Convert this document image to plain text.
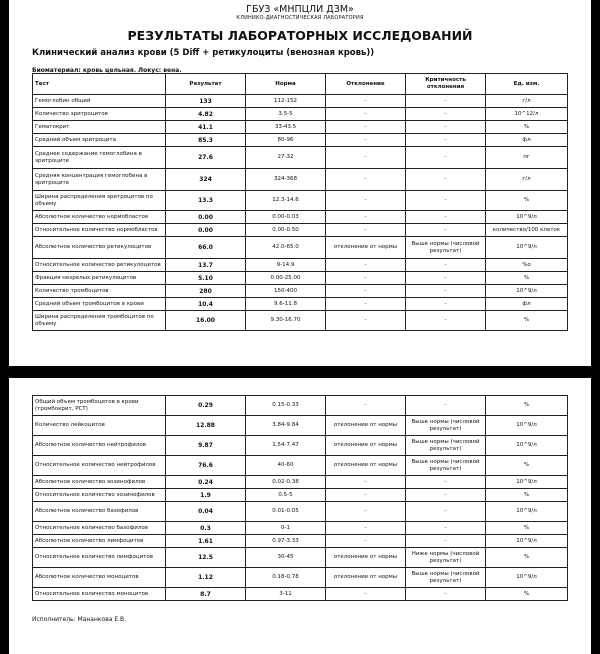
ГБУЗ «МНПЦЛИ ДЗМ»
КЛИНИКО-ДИАГНОСТИЧЕСКАЯ ЛАБОРАТОРИЯ
РЕЗУЛЬТАТЫ ЛАБОРАТОРНЫХ ИССЛЕДОВАНИЙ
Клинический анализ крови (5 Diff + ретикулоциты (венозная кровь))
Биоматериал: кровь цельная. Локус: вена.
Тест	Результат	Норма	Отклонение	Критичность отклонения	Ед. изм.
Гемоглобин общий	133	112-152	-	-	г/л
Количество эритроцитов	4.82	3.5-5	-	-	10^12/л
Гематокрит	41.1	33-43.5	-	-	%
Средний объем эритроцита	85.3	80-96	-	-	фл
Среднее содержание гемоглобина в эритроците	27.6	27-32	-	-	пг
Средняя концентрация гемоглобина в эритроците	324	324-368	-	-	г/л
Ширина распределения эритроцитов по объему	13.3	12.3-14.6	-	-	%
Абсолютное количество нормобластов	0.00	0.00-0.03	-	-	10^9/л
Относительное количество нормобластов	0.00	0.00-0.50	-	-	количество/100 клеток
Абсолютное количество ретикулоцитов	66.0	42.0-65.0	отклонение от нормы	Выше нормы (числовой результат)	10^9/л
Относительное количество ретикулоцитов	13.7	9-14.9	-	-	%о
Фракция незрелых ретикулоцитов	5.10	0.00-25.00	-	-	%
Количество тромбоцитов	280	150-400	-	-	10^9/л
Средний объем тромбоцитов в крови	10.4	9.6-11.8	-	-	фл
Ширина распределения тромбоцитов по объему	16.00	9.30-16.70	-	-	%
Общий объем тромбоцитов в крови (тромбокрит, PCT)	0.29	0.15-0.33	-	-	%
Количество лейкоцитов	12.88	3.84-9.84	отклонение от нормы	Выше нормы (числовой результат)	10^9/л
Абсолютное количество нейтрофилов	9.87	1.54-7.47	отклонение от нормы	Выше нормы (числовой результат)	10^9/л
Относительное количество нейтрофилов	76.6	40-60	отклонение от нормы	Выше нормы (числовой результат)	%
Абсолютное количество эозинофилов	0.24	0.02-0.38	-	-	10^9/л
Относительное количество эозинофилов	1.9	0.5-5	-	-	%
Абсолютное количество базофилов	0.04	0.01-0.05	-	-	10^9/л
Относительное количество базофилов	0.3	0-1	-	-	%
Абсолютное количество лимфоцитов	1.61	0.97-3.33	-	-	10^9/л
Относительное количество лимфоцитов	12.5	30-45	отклонение от нормы	Ниже нормы (числовой результат)	%
Абсолютное количество моноцитов	1.12	0.18-0.78	отклонение от нормы	Выше нормы (числовой результат)	10^9/л
Относительное количество моноцитов	8.7	3-11	-	-	%
Исполнитель: Мананкова Е.В.
